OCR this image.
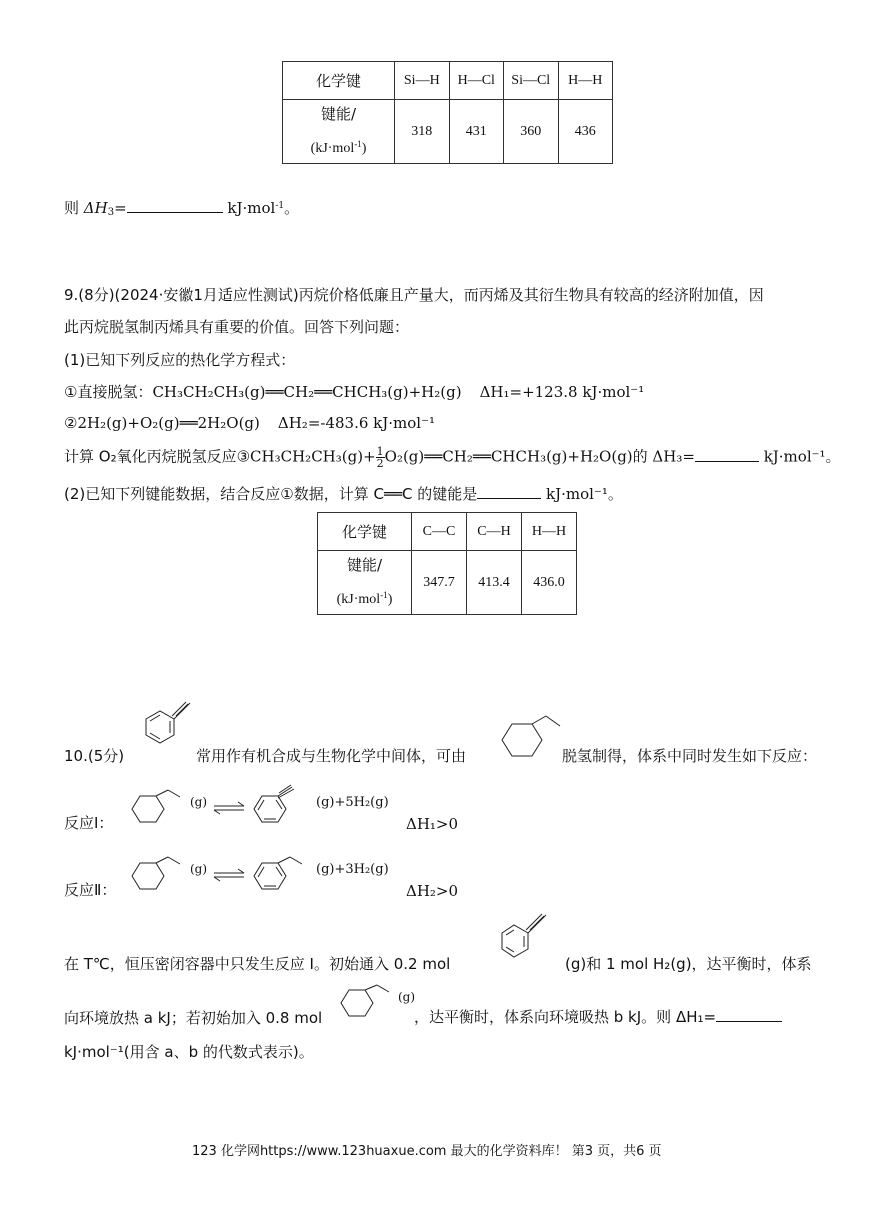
化学键	Si—H	H—Cl	Si—Cl	H—H
键能/
(kJ·mol$^{-1}$)	318	431	360	436
则 $\Delta H_3=$	kJ·mol$^{-1}$。
9.(8分)(2024·安徽1月适应性测试)丙烷价格低廉且产量大，而丙烯及其衍生物具有较高的经济附加值，因
此丙烷脱氢制丙烯具有重要的价值。回答下列问题：
(1)已知下列反应的热化学方程式：
①直接脱氢：CH₃CH₂CH₃(g)══CH₂══CHCH₃(g)+H₂(g) ΔH₁=+123.8 kJ·mol⁻¹
②2H₂(g)+O₂(g)══2H₂O(g) ΔH₂=-483.6 kJ·mol⁻¹
计算 O₂氧化丙烷脱氢反应③CH₃CH₂CH₃(g)+ $\frac{1}{2}$ O₂(g)══CH₂══CHCH₃(g)+H₂O(g)的 ΔH₃=	kJ·mol⁻¹。
(2)已知下列键能数据，结合反应①数据，计算 C══C 的键能是	kJ·mol⁻¹。
化学键	C—C	C—H	H—H
键能/
(kJ·mol$^{-1}$)	347.7	413.4	436.0
10.(5分)	常用作有机合成与生物化学中间体，可由	脱氢制得，体系中同时发生如下反应：
反应Ⅰ：
(g)	(g)+5H₂(g)
ΔH₁>0
反应Ⅱ：
(g)	(g)+3H₂(g)
ΔH₂>0
在 T℃，恒压密闭容器中只发生反应 Ⅰ。初始通入 0.2 mol	(g)和 1 mol H₂(g)，达平衡时，体系
向环境放热 a kJ；若初始加入 0.8 mol
(g)
，达平衡时，体系向环境吸热 b kJ。则 ΔH₁=
kJ·mol⁻¹(用含 a、b 的代数式表示)。
123 化学网https://www.123huaxue.com 最大的化学资料库！ 第3 页，共6 页
